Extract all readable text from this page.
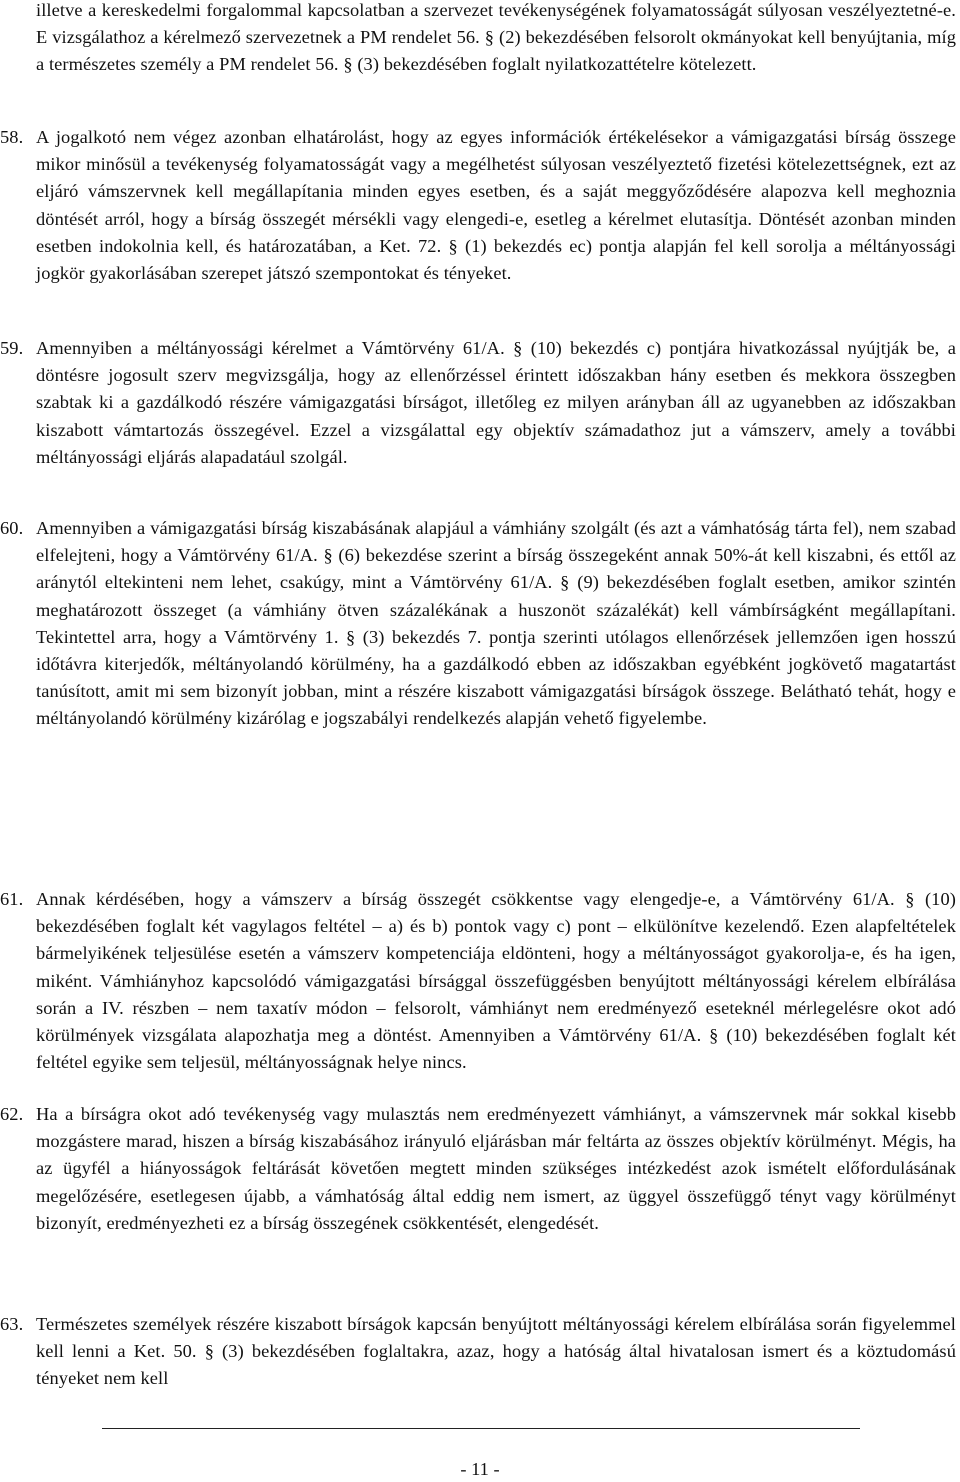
illetve a kereskedelmi forgalommal kapcsolatban a szervezet tevékenységének folyamatosságát súlyosan veszélyeztetné-e. E vizsgálathoz a kérelmező szervezetnek a PM rendelet 56. § (2) bekezdésében felsorolt okmányokat kell benyújtania, míg a természetes személy a PM rendelet 56. § (3) bekezdésében foglalt nyilatkozattételre kötelezett.

58. A jogalkotó nem végez azonban elhatárolást, hogy az egyes információk értékelésekor a vámigazgatási bírság összege mikor minősül a tevékenység folyamatosságát vagy a megélhetést súlyosan veszélyeztető fizetési kötelezettségnek, ezt az eljáró vámszervnek kell megállapítania minden egyes esetben, és a saját meggyőződésére alapozva kell meghoznia döntését arról, hogy a bírság összegét mérsékli vagy elengedi-e, esetleg a kérelmet elutasítja. Döntését azonban minden esetben indokolnia kell, és határozatában, a Ket. 72. § (1) bekezdés ec) pontja alapján fel kell sorolja a méltányossági jogkör gyakorlásában szerepet játszó szempontokat és tényeket.

59. Amennyiben a méltányossági kérelmet a Vámtörvény 61/A. § (10) bekezdés c) pontjára hivatkozással nyújtják be, a döntésre jogosult szerv megvizsgálja, hogy az ellenőrzéssel érintett időszakban hány esetben és mekkora összegben szabtak ki a gazdálkodó részére vámigazgatási bírságot, illetőleg ez milyen arányban áll az ugyanebben az időszakban kiszabott vámtartozás összegével. Ezzel a vizsgálattal egy objektív számadathoz jut a vámszerv, amely a további méltányossági eljárás alapadatául szolgál.

60. Amennyiben a vámigazgatási bírság kiszabásának alapjául a vámhiány szolgált (és azt a vámhatóság tárta fel), nem szabad elfelejteni, hogy a Vámtörvény 61/A. § (6) bekezdése szerint a bírság összegeként annak 50%-át kell kiszabni, és ettől az aránytól eltekinteni nem lehet, csakúgy, mint a Vámtörvény 61/A. § (9) bekezdésében foglalt esetben, amikor szintén meghatározott összeget (a vámhiány ötven százalékának a huszonöt százalékát) kell vámbírságként megállapítani. Tekintettel arra, hogy a Vámtörvény 1. § (3) bekezdés 7. pontja szerinti utólagos ellenőrzések jellemzően igen hosszú időtávra kiterjedők, méltányolandó körülmény, ha a gazdálkodó ebben az időszakban egyébként jogkövető magatartást tanúsított, amit mi sem bizonyít jobban, mint a részére kiszabott vámigazgatási bírságok összege. Belátható tehát, hogy e méltányolandó körülmény kizárólag e jogszabályi rendelkezés alapján vehető figyelembe.

61. Annak kérdésében, hogy a vámszerv a bírság összegét csökkentse vagy elengedje-e, a Vámtörvény 61/A. § (10) bekezdésében foglalt két vagylagos feltétel – a) és b) pontok vagy c) pont – elkülönítve kezelendő. Ezen alapfeltételek bármelyikének teljesülése esetén a vámszerv kompetenciája eldönteni, hogy a méltányosságot gyakorolja-e, és ha igen, miként. Vámhiányhoz kapcsolódó vámigazgatási bírsággal összefüggésben benyújtott méltányossági kérelem elbírálása során a IV. részben – nem taxatív módon – felsorolt, vámhiányt nem eredményező eseteknél mérlegelésre okot adó körülmények vizsgálata alapozhatja meg a döntést. Amennyiben a Vámtörvény 61/A. § (10) bekezdésében foglalt két feltétel egyike sem teljesül, méltányosságnak helye nincs.

62. Ha a bírságra okot adó tevékenység vagy mulasztás nem eredményezett vámhiányt, a vámszervnek már sokkal kisebb mozgástere marad, hiszen a bírság kiszabásához irányuló eljárásban már feltárta az összes objektív körülményt. Mégis, ha az ügyfél a hiányosságok feltárását követően megtett minden szükséges intézkedést azok ismételt előfordulásának megelőzésére, esetlegesen újabb, a vámhatóság által eddig nem ismert, az üggyel összefüggő tényt vagy körülményt bizonyít, eredményezheti ez a bírság összegének csökkentését, elengedését.

63. Természetes személyek részére kiszabott bírságok kapcsán benyújtott méltányossági kérelem elbírálása során figyelemmel kell lenni a Ket. 50. § (3) bekezdésében foglaltakra, azaz, hogy a hatóság által hivatalosan ismert és a köztudomású tényeket nem kell

- 11 -
